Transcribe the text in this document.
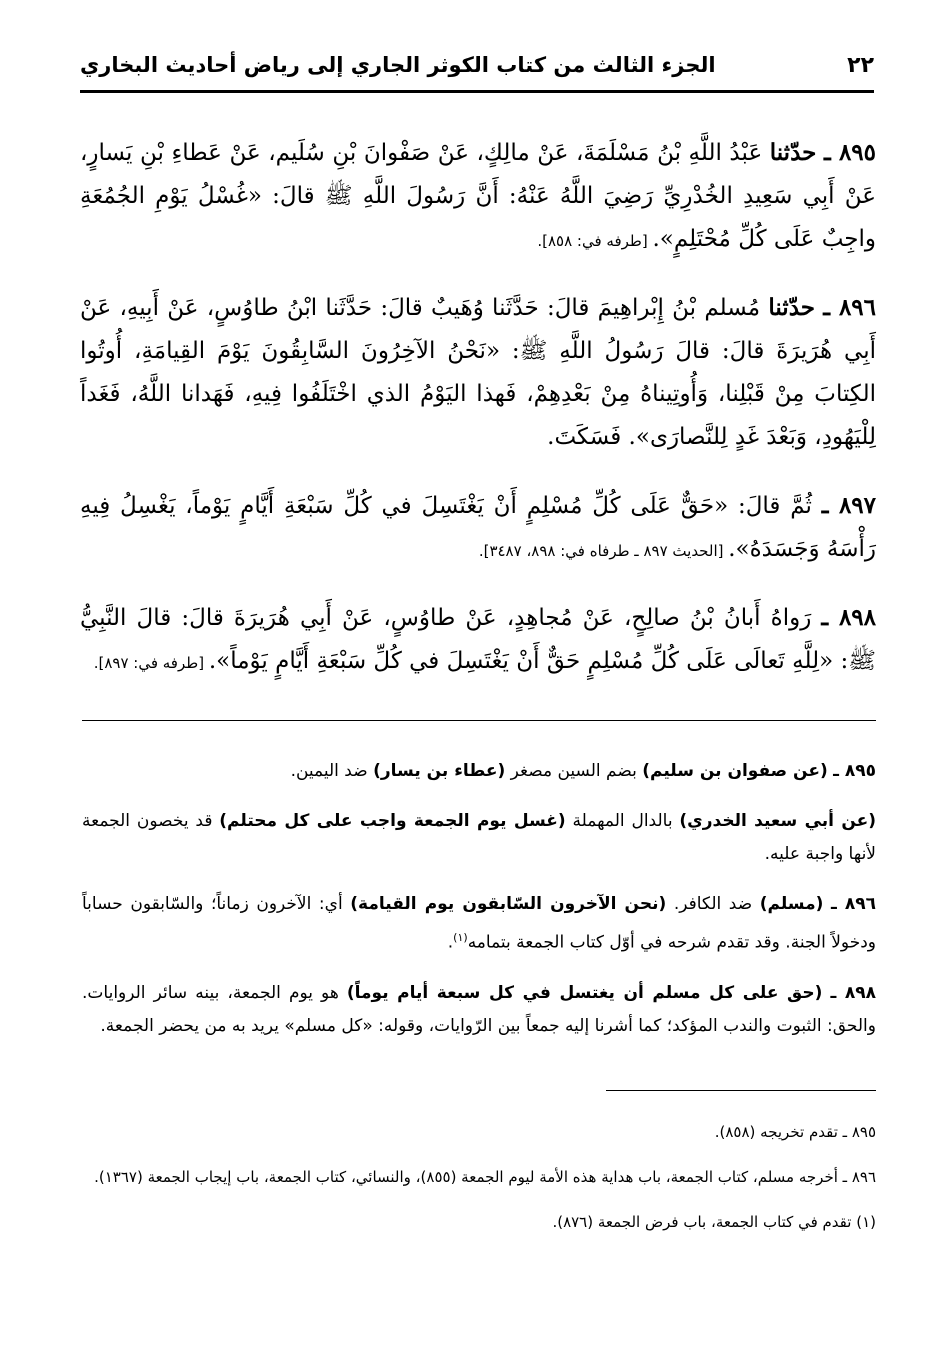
٢٢
الجزء الثالث من كتاب الكوثر الجاري إلى رياض أحاديث البخاري

٨٩٥ ـ حدّثنا عَبْدُ اللَّهِ بْنُ مَسْلَمَةَ، عَنْ مالِكٍ، عَنْ صَفْوانَ بْنِ سُلَيم، عَنْ عَطاءِ بْنِ يَسارٍ، عَنْ أَبِي سَعِيدِ الخُدْرِيِّ رَضِيَ اللَّهُ عَنْهُ: أَنَّ رَسُولَ اللَّهِ ﷺ قالَ: «غُسْلُ يَوْمِ الجُمُعَةِ واجِبٌ عَلَى كُلِّ مُحْتَلِمٍ». [طرفه في: ٨٥٨].

٨٩٦ ـ حدّثنا مُسلم بْنُ إِبْراهِيمَ قالَ: حَدَّثَنا وُهَيبٌ قالَ: حَدَّثَنا ابْنُ طاوُسٍ، عَنْ أَبِيهِ، عَنْ أَبِي هُرَيرَةَ قالَ: قالَ رَسُولُ اللَّهِ ﷺ: «نَحْنُ الآخِرُونَ السَّابِقُونَ يَوْمَ القِيامَةِ، أُوتُوا الكِتابَ مِنْ قَبْلِنا، وَأُوتِيناهُ مِنْ بَعْدِهِمْ، فَهذا اليَوْمُ الذي اخْتَلَفُوا فِيهِ، فَهَدانا اللَّهُ، فَغَداً لِلْيَهُودِ، وَبَعْدَ غَدٍ لِلنَّصارَى». فَسَكَتَ.

٨٩٧ ـ ثُمَّ قالَ: «حَقٌّ عَلَى كُلِّ مُسْلِمٍ أَنْ يَغْتَسِلَ في كُلِّ سَبْعَةِ أَيَّامٍ يَوْماً، يَغْسِلُ فِيهِ رَأْسَهُ وَجَسَدَهُ». [الحديث ٨٩٧ ـ طرفاه في: ٨٩٨، ٣٤٨٧].

٨٩٨ ـ رَواهُ أَبانُ بْنُ صالِحٍ، عَنْ مُجاهِدٍ، عَنْ طاوُسٍ، عَنْ أَبِي هُرَيرَةَ قالَ: قالَ النَّبِيُّ ﷺ: «لِلَّهِ تَعالَى عَلَى كُلِّ مُسْلِمٍ حَقٌّ أَنْ يَغْتَسِلَ في كُلِّ سَبْعَةِ أَيَّامٍ يَوْماً». [طرفه في: ٨٩٧].

٨٩٥ ـ (عن صفوان بن سليم) بضم السين مصغر (عطاء بن يسار) ضد اليمين.

(عن أبي سعيد الخدري) بالدال المهملة (غسل يوم الجمعة واجب على كل محتلم) قد يخصون الجمعة لأنها واجبة عليه.

٨٩٦ ـ (مسلم) ضد الكافر. (نحن الآخرون السّابقون يوم القيامة) أي: الآخرون زماناً؛ والسّابقون حساباً ودخولاً الجنة. وقد تقدم شرحه في أوّل كتاب الجمعة بتمامه$^{(١)}$.

٨٩٨ ـ (حق على كل مسلم أن يغتسل في كل سبعة أيام يوماً) هو يوم الجمعة، بينه سائر الروايات. والحق: الثبوت والندب المؤكد؛ كما أشرنا إليه جمعاً بين الرّوايات، وقوله: «كل مسلم» يريد به من يحضر الجمعة.

٨٩٥ ـ تقدم تخريجه (٨٥٨).

٨٩٦ ـ أخرجه مسلم، كتاب الجمعة، باب هداية هذه الأمة ليوم الجمعة (٨٥٥)، والنسائي، كتاب الجمعة، باب إيجاب الجمعة (١٣٦٧).

(١) تقدم في كتاب الجمعة، باب فرض الجمعة (٨٧٦).
